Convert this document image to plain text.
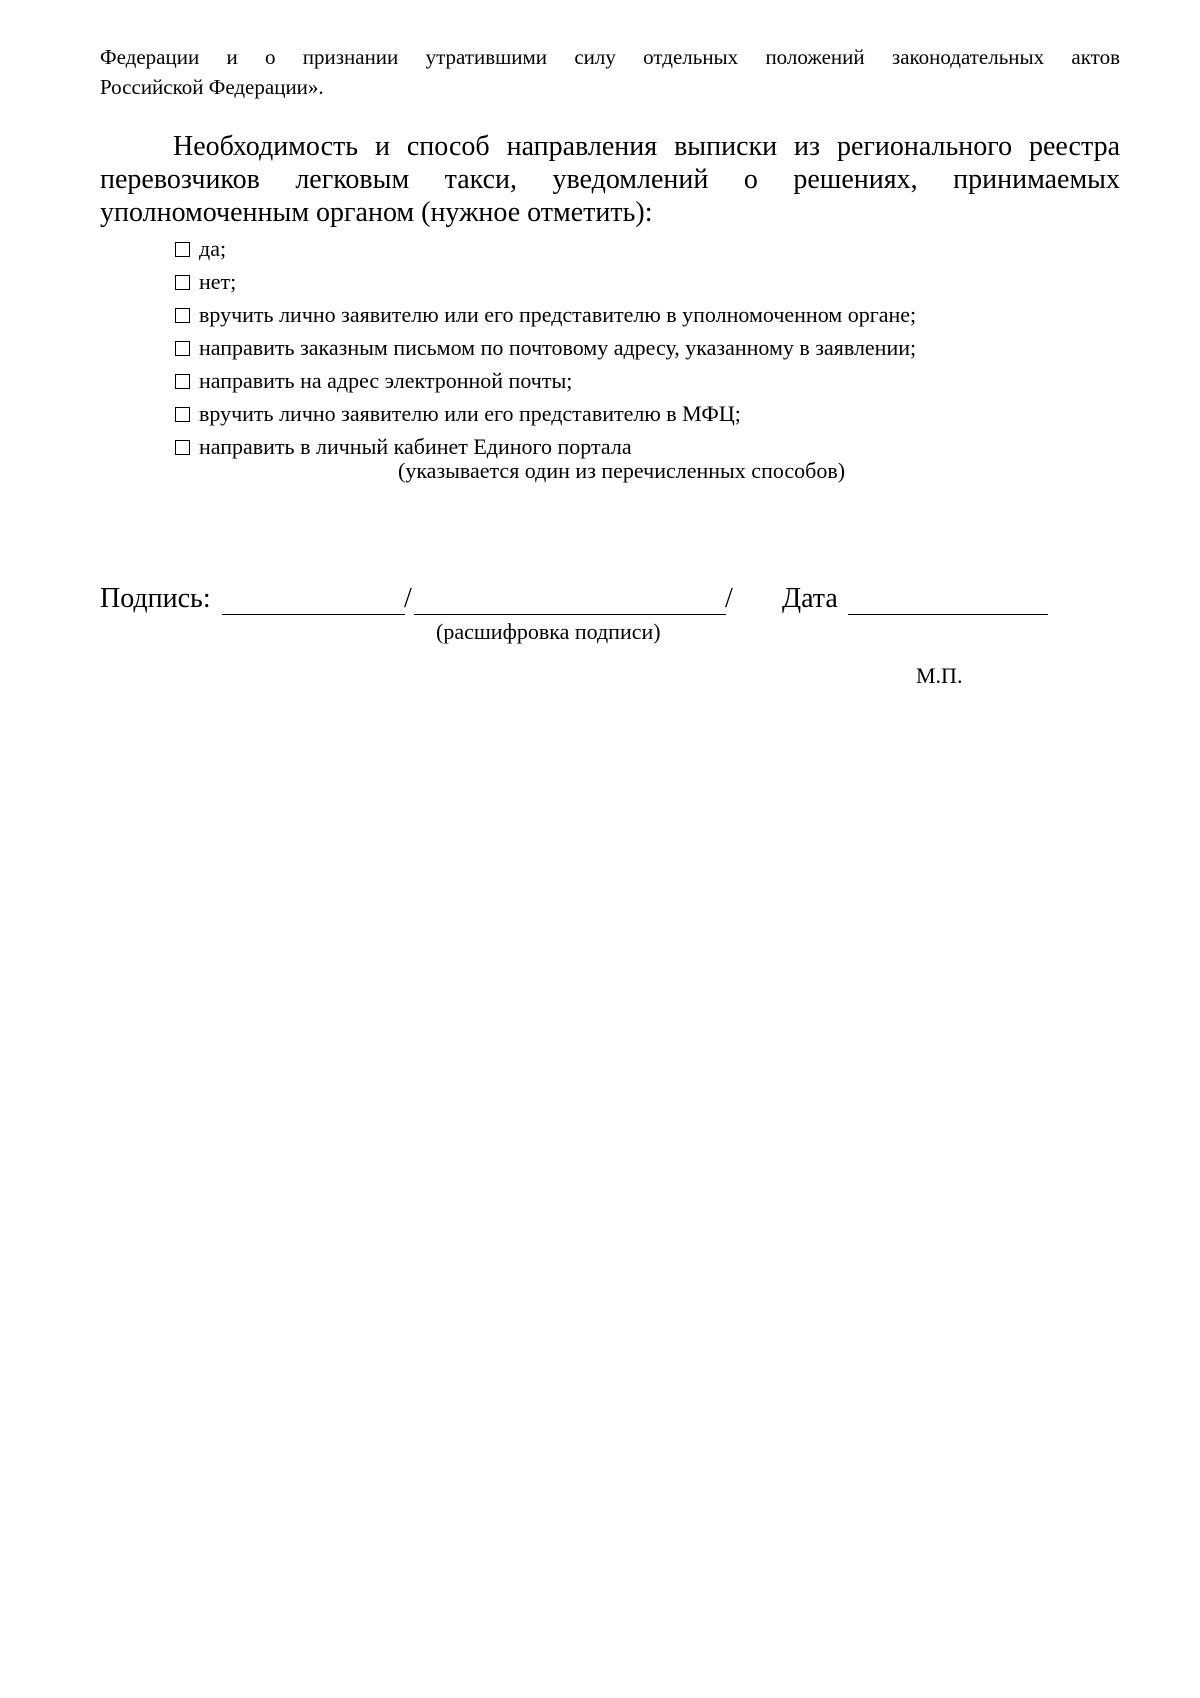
Федерации и о признании утратившими силу отдельных положений законодательных актов
Российской Федерации».

Необходимость и способ направления выписки из регионального реестра
перевозчиков легковым такси, уведомлений о решениях, принимаемых
уполномоченным органом (нужное отметить):

да;
нет;
вручить лично заявителю или его представителю в уполномоченном органе;
направить заказным письмом по почтовому адресу, указанному в заявлении;
направить на адрес электронной почты;
вручить лично заявителю или его представителю в МФЦ;
направить в личный кабинет Единого портала
(указывается один из перечисленных способов)
Подпись:	/	/
(расшифровка подписи)
Дата
М.П.
